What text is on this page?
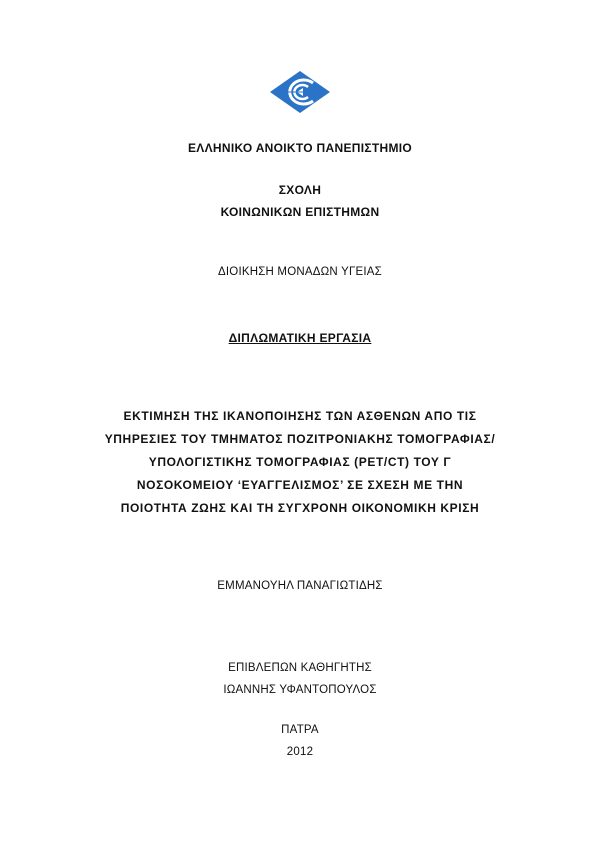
ΕΛΛΗΝΙΚΟ ΑΝΟΙΚΤΟ ΠΑΝΕΠΙΣΤΗΜΙΟ
ΣΧΟΛΗ
ΚΟΙΝΩΝΙΚΩΝ ΕΠΙΣΤΗΜΩΝ
ΔΙΟΙΚΗΣΗ ΜΟΝΑΔΩΝ ΥΓΕΙΑΣ
ΔΙΠΛΩΜΑΤΙΚΗ ΕΡΓΑΣΙΑ
ΕΚΤΙΜΗΣΗ ΤΗΣ ΙΚΑΝΟΠΟΙΗΣΗΣ ΤΩΝ ΑΣΘΕΝΩΝ ΑΠΟ ΤΙΣ
ΥΠΗΡΕΣΙΕΣ ΤΟΥ ΤΜΗΜΑΤΟΣ ΠΟΖΙΤΡΟΝΙΑΚΗΣ ΤΟΜΟΓΡΑΦΙΑΣ/
ΥΠΟΛΟΓΙΣΤΙΚΗΣ ΤΟΜΟΓΡΑΦΙΑΣ (PET/CT) ΤΟΥ Γ
ΝΟΣΟΚΟΜΕΙΟΥ ‘ΕΥΑΓΓΕΛΙΣΜΟΣ’ ΣΕ ΣΧΕΣΗ ΜΕ ΤΗΝ
ΠΟΙΟΤΗΤΑ ΖΩΗΣ ΚΑΙ ΤΗ ΣΥΓΧΡΟΝΗ ΟΙΚΟΝΟΜΙΚΗ ΚΡΙΣΗ
ΕΜΜΑΝΟΥΗΛ ΠΑΝΑΓΙΩΤΙΔΗΣ
ΕΠΙΒΛΕΠΩΝ ΚΑΘΗΓΗΤΗΣ
ΙΩΑΝΝΗΣ ΥΦΑΝΤΟΠΟΥΛΟΣ
ΠΑΤΡΑ
2012
